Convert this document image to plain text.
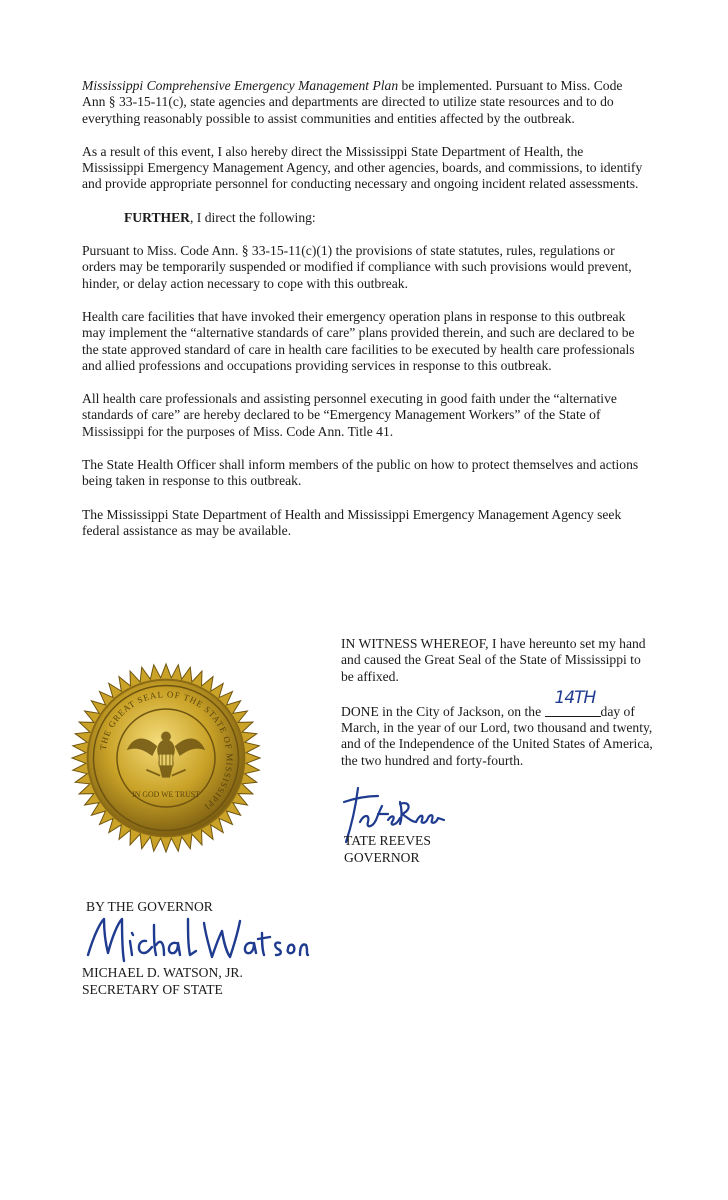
Mississippi Comprehensive Emergency Management Plan be implemented. Pursuant to Miss. Code Ann § 33-15-11(c), state agencies and departments are directed to utilize state resources and to do everything reasonably possible to assist communities and entities affected by the outbreak.

As a result of this event, I also hereby direct the Mississippi State Department of Health, the Mississippi Emergency Management Agency, and other agencies, boards, and commissions, to identify and provide appropriate personnel for conducting necessary and ongoing incident related assessments.

FURTHER, I direct the following:

Pursuant to Miss. Code Ann. § 33-15-11(c)(1) the provisions of state statutes, rules, regulations or orders may be temporarily suspended or modified if compliance with such provisions would prevent, hinder, or delay action necessary to cope with this outbreak.

Health care facilities that have invoked their emergency operation plans in response to this outbreak may implement the “alternative standards of care” plans provided therein, and such are declared to be the state approved standard of care in health care facilities to be executed by health care professionals and allied professions and occupations providing services in response to this outbreak.

All health care professionals and assisting personnel executing in good faith under the “alternative standards of care” are hereby declared to be “Emergency Management Workers” of the State of Mississippi for the purposes of Miss. Code Ann. Title 41.

The State Health Officer shall inform members of the public on how to protect themselves and actions being taken in response to this outbreak.

The Mississippi State Department of Health and Mississippi Emergency Management Agency seek federal assistance as may be available.

THE GREAT SEAL OF THE STATE OF MISSISSIPPI
IN GOD WE TRUST

IN WITNESS WHEREOF, I have hereunto set my hand and caused the Great Seal of the State of Mississippi to be affixed.

DONE in the City of Jackson, on the
14TH
day of March, in the year of our Lord, two thousand and twenty, and of the Independence of the United States of America, the two hundred and forty-fourth.

TATE REEVES
GOVERNOR
BY THE GOVERNOR
MICHAEL D. WATSON, JR.
SECRETARY OF STATE
